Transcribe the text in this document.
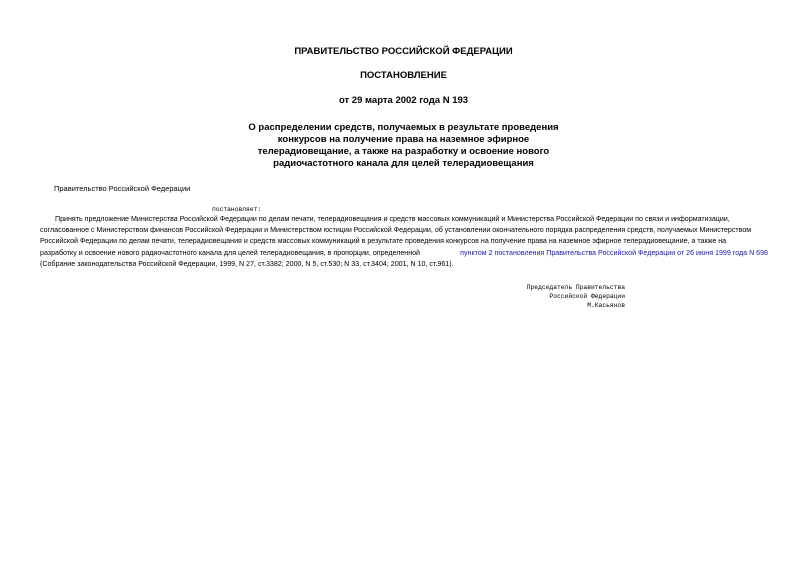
ПРАВИТЕЛЬСТВО РОССИЙСКОЙ ФЕДЕРАЦИИ
ПОСТАНОВЛЕНИЕ
от 29 марта 2002 года N 193
О распределении средств, получаемых в результате проведения
конкурсов на получение права на наземное эфирное
телерадиовещание, а также на разработку и освоение нового
радиочастотного канала для целей телерадиовещания
Правительство Российской Федерации
постановляет:
Принять предложение Министерства Российской Федерации по делам печати, телерадиовещания и средств массовых коммуникаций и Министерства Российской Федерации по связи и информатизации,
согласованное с Министерством финансов Российской Федерации и Министерством юстиции Российской Федерации, об установлении окончательного порядка распределения средств, получаемых Министерством
Российской Федерации по делам печати, телерадиовещания и средств массовых коммуникаций в результате проведения конкурсов на получение права на наземное эфирное телерадиовещание, а также на
разработку и освоение нового радиочастотного канала для целей телерадиовещания, в пропорции, определенной	пунктом 2 постановления Правительства Российской Федерации от 26 июня 1999 года N 698
(Собрание законодательства Российской Федерации, 1999, N 27, ст.3382; 2000, N 5, ст.530; N 33, ст.3404; 2001, N 10, ст.961).
Председатель Правительства
Российской Федерации
М.Касьянов
